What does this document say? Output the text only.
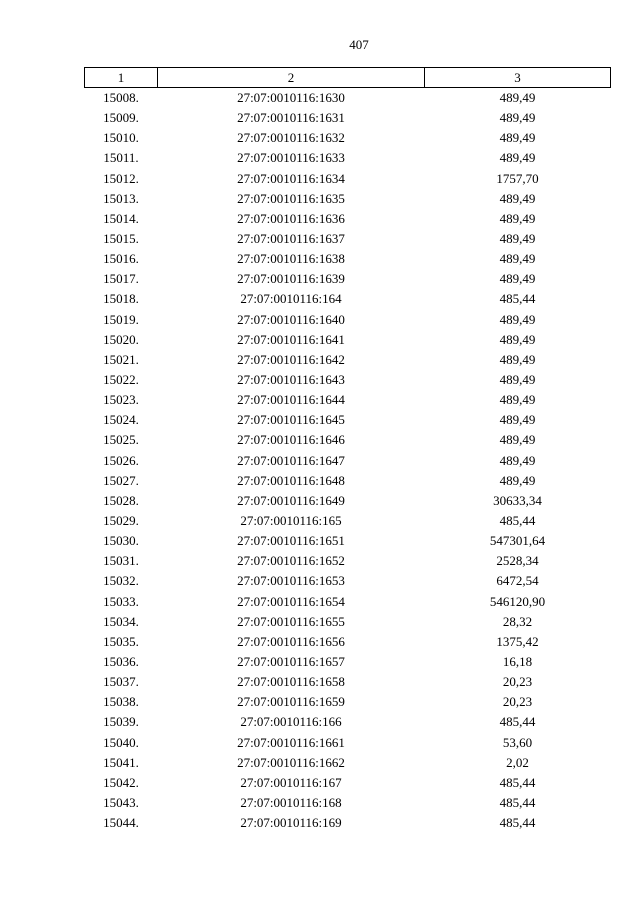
407
1	2	3
15008.	27:07:0010116:1630	489,49
15009.	27:07:0010116:1631	489,49
15010.	27:07:0010116:1632	489,49
15011.	27:07:0010116:1633	489,49
15012.	27:07:0010116:1634	1757,70
15013.	27:07:0010116:1635	489,49
15014.	27:07:0010116:1636	489,49
15015.	27:07:0010116:1637	489,49
15016.	27:07:0010116:1638	489,49
15017.	27:07:0010116:1639	489,49
15018.	27:07:0010116:164	485,44
15019.	27:07:0010116:1640	489,49
15020.	27:07:0010116:1641	489,49
15021.	27:07:0010116:1642	489,49
15022.	27:07:0010116:1643	489,49
15023.	27:07:0010116:1644	489,49
15024.	27:07:0010116:1645	489,49
15025.	27:07:0010116:1646	489,49
15026.	27:07:0010116:1647	489,49
15027.	27:07:0010116:1648	489,49
15028.	27:07:0010116:1649	30633,34
15029.	27:07:0010116:165	485,44
15030.	27:07:0010116:1651	547301,64
15031.	27:07:0010116:1652	2528,34
15032.	27:07:0010116:1653	6472,54
15033.	27:07:0010116:1654	546120,90
15034.	27:07:0010116:1655	28,32
15035.	27:07:0010116:1656	1375,42
15036.	27:07:0010116:1657	16,18
15037.	27:07:0010116:1658	20,23
15038.	27:07:0010116:1659	20,23
15039.	27:07:0010116:166	485,44
15040.	27:07:0010116:1661	53,60
15041.	27:07:0010116:1662	2,02
15042.	27:07:0010116:167	485,44
15043.	27:07:0010116:168	485,44
15044.	27:07:0010116:169	485,44
